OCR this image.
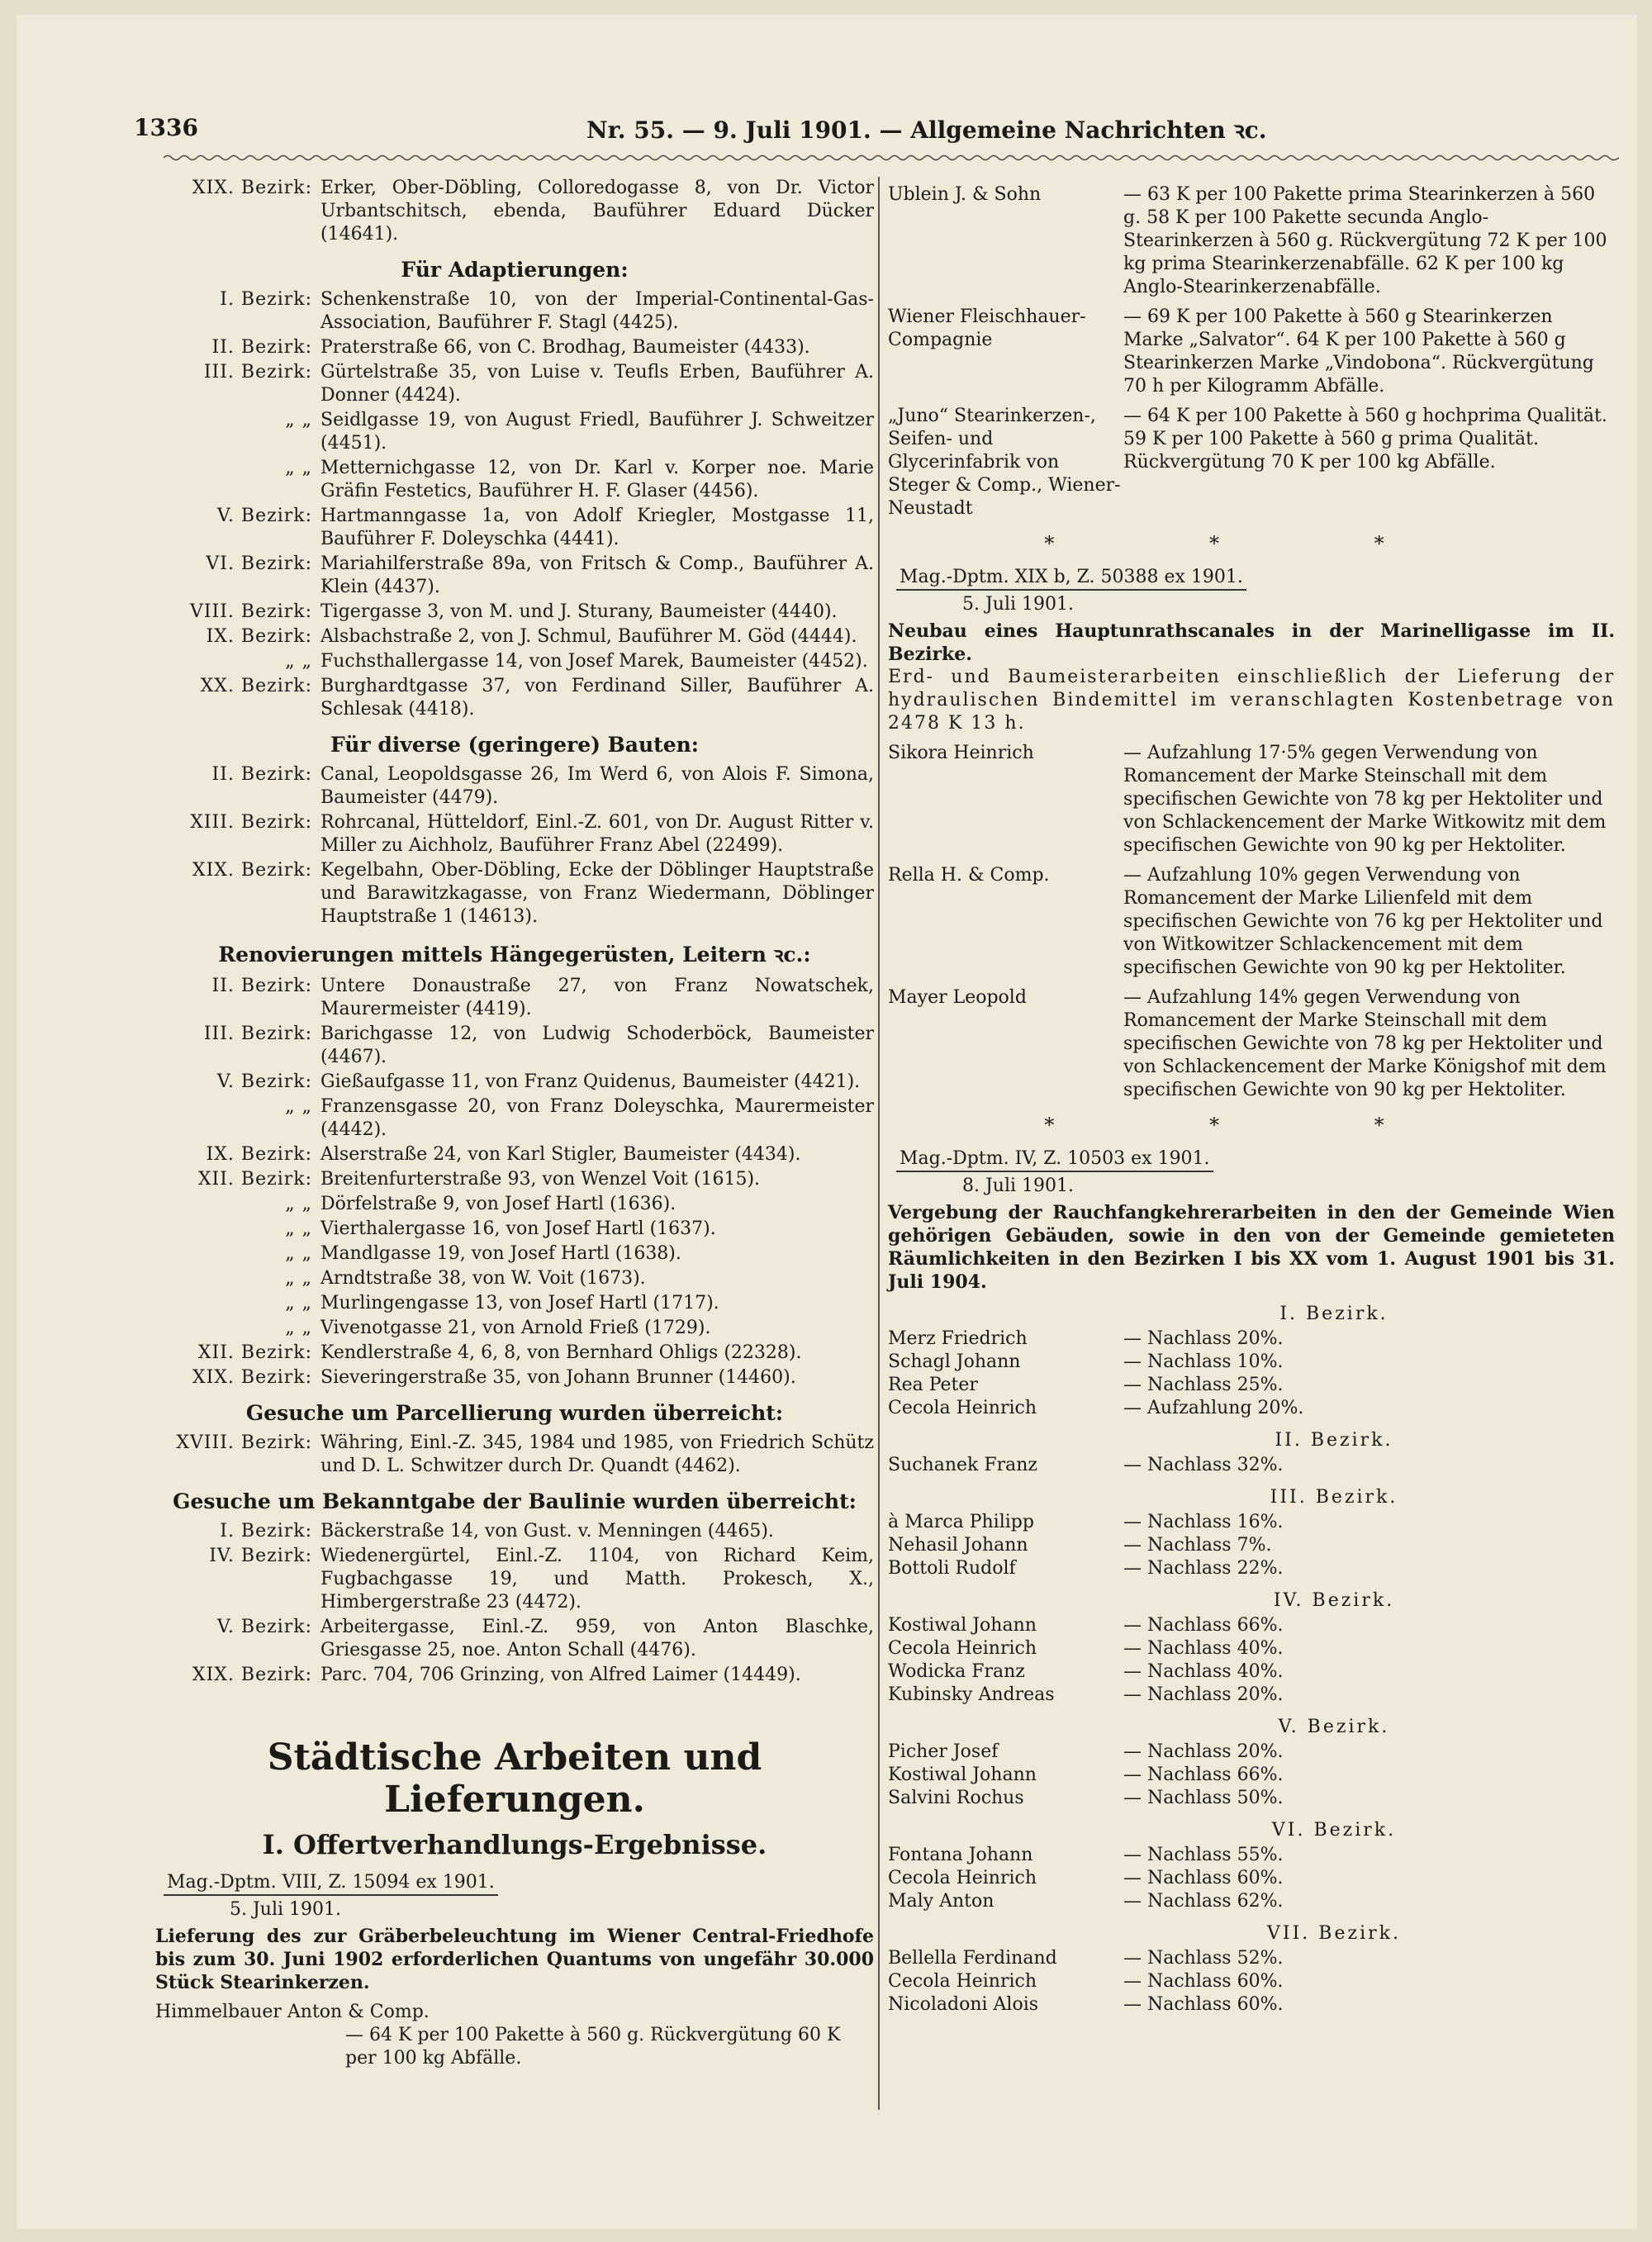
1336	Nr. 55. — 9. Juli 1901. — Allgemeine Nachrichten ꝛc.
XIX. Bezirk: Erker, Ober-Döbling, Colloredogasse 8, von Dr. Victor Urbantschitsch, ebenda, Bauführer Eduard Dücker (14641).
Für Adaptierungen:
I. Bezirk: Schenkenstraße 10, von der Imperial-Continental-Gas-Association, Bauführer F. Stagl (4425).
II. Bezirk: Praterstraße 66, von C. Brodhag, Baumeister (4433).
III. Bezirk: Gürtelstraße 35, von Luise v. Teufls Erben, Bauführer A. Donner (4424).
„ „ Seidlgasse 19, von August Friedl, Bauführer J. Schweitzer (4451).
„ „ Metternichgasse 12, von Dr. Karl v. Korper noe. Marie Gräfin Festetics, Bauführer H. F. Glaser (4456).
V. Bezirk: Hartmanngasse 1a, von Adolf Kriegler, Mostgasse 11, Bauführer F. Doleyschka (4441).
VI. Bezirk: Mariahilferstraße 89a, von Fritsch & Comp., Bauführer A. Klein (4437).
VIII. Bezirk: Tigergasse 3, von M. und J. Sturany, Baumeister (4440).
IX. Bezirk: Alsbachstraße 2, von J. Schmul, Bauführer M. Göd (4444).
„ „ Fuchsthallergasse 14, von Josef Marek, Baumeister (4452).
XX. Bezirk: Burghardtgasse 37, von Ferdinand Siller, Bauführer A. Schlesak (4418).
Für diverse (geringere) Bauten:
II. Bezirk: Canal, Leopoldsgasse 26, Im Werd 6, von Alois F. Simona, Baumeister (4479).
XIII. Bezirk: Rohrcanal, Hütteldorf, Einl.-Z. 601, von Dr. August Ritter v. Miller zu Aichholz, Bauführer Franz Abel (22499).
XIX. Bezirk: Kegelbahn, Ober-Döbling, Ecke der Döblinger Hauptstraße und Barawitzkagasse, von Franz Wiedermann, Döblinger Hauptstraße 1 (14613).
Renovierungen mittels Hängegerüsten, Leitern ꝛc.:
II. Bezirk: Untere Donaustraße 27, von Franz Nowatschek, Maurermeister (4419).
III. Bezirk: Barichgasse 12, von Ludwig Schoderböck, Baumeister (4467).
V. Bezirk: Gießaufgasse 11, von Franz Quidenus, Baumeister (4421).
„ „ Franzensgasse 20, von Franz Doleyschka, Maurermeister (4442).
IX. Bezirk: Alserstraße 24, von Karl Stigler, Baumeister (4434).
XII. Bezirk: Breitenfurterstraße 93, von Wenzel Voit (1615).
„ „ Dörfelstraße 9, von Josef Hartl (1636).
„ „ Vierthalergasse 16, von Josef Hartl (1637).
„ „ Mandlgasse 19, von Josef Hartl (1638).
„ „ Arndtstraße 38, von W. Voit (1673).
„ „ Murlingengasse 13, von Josef Hartl (1717).
„ „ Vivenotgasse 21, von Arnold Frieß (1729).
XII. Bezirk: Kendlerstraße 4, 6, 8, von Bernhard Ohligs (22328).
XIX. Bezirk: Sieveringerstraße 35, von Johann Brunner (14460).
Gesuche um Parcellierung wurden überreicht:
XVIII. Bezirk: Währing, Einl.-Z. 345, 1984 und 1985, von Friedrich Schütz und D. L. Schwitzer durch Dr. Quandt (4462).
Gesuche um Bekanntgabe der Baulinie wurden überreicht:
I. Bezirk: Bäckerstraße 14, von Gust. v. Menningen (4465).
IV. Bezirk: Wiedenergürtel, Einl.-Z. 1104, von Richard Keim, Fugbachgasse 19, und Matth. Prokesch, X., Himbergerstraße 23 (4472).
V. Bezirk: Arbeitergasse, Einl.-Z. 959, von Anton Blaschke, Griesgasse 25, noe. Anton Schall (4476).
XIX. Bezirk: Parc. 704, 706 Grinzing, von Alfred Laimer (14449).
Städtische Arbeiten und Lieferungen.
I. Offertverhandlungs-Ergebnisse.
Mag.-Dptm. VIII, Z. 15094 ex 1901.
5. Juli 1901.
Lieferung des zur Gräberbeleuchtung im Wiener Central-Friedhofe bis zum 30. Juni 1902 erforderlichen Quantums von ungefähr 30.000 Stück Stearinkerzen.
Himmelbauer Anton & Comp.
— 64 K per 100 Pakette à 560 g. Rückvergütung 60 K per 100 kg Abfälle.
Ublein J. & Sohn	— 63 K per 100 Pakette prima Stearinkerzen à 560 g. 58 K per 100 Pakette secunda Anglo-Stearinkerzen à 560 g. Rückvergütung 72 K per 100 kg prima Stearinkerzenabfälle. 62 K per 100 kg Anglo-Stearinkerzenabfälle.
Wiener Fleischhauer-Compagnie
— 69 K per 100 Pakette à 560 g Stearinkerzen Marke „Salvator“. 64 K per 100 Pakette à 560 g Stearinkerzen Marke „Vindobona“. Rückvergütung 70 h per Kilogramm Abfälle.
„Juno“ Stearinkerzen-, Seifen- und Glycerinfabrik von Steger & Comp., Wiener-Neustadt
— 64 K per 100 Pakette à 560 g hochprima Qualität. 59 K per 100 Pakette à 560 g prima Qualität. Rückvergütung 70 K per 100 kg Abfälle.
* * *
Mag.-Dptm. XIX b, Z. 50388 ex 1901.
5. Juli 1901.
Neubau eines Hauptunrathscanales in der Marinelligasse im II. Bezirke.
Erd- und Baumeisterarbeiten einschließlich der Lieferung der hydraulischen Bindemittel im veranschlagten Kostenbetrage von 2478 K 13 h.
Sikora Heinrich	— Aufzahlung 17·5% gegen Verwendung von Romancement der Marke Steinschall mit dem specifischen Gewichte von 78 kg per Hektoliter und von Schlackencement der Marke Witkowitz mit dem specifischen Gewichte von 90 kg per Hektoliter.
Rella H. & Comp.	— Aufzahlung 10% gegen Verwendung von Romancement der Marke Lilienfeld mit dem specifischen Gewichte von 76 kg per Hektoliter und von Witkowitzer Schlackencement mit dem specifischen Gewichte von 90 kg per Hektoliter.
Mayer Leopold	— Aufzahlung 14% gegen Verwendung von Romancement der Marke Steinschall mit dem specifischen Gewichte von 78 kg per Hektoliter und von Schlackencement der Marke Königshof mit dem specifischen Gewichte von 90 kg per Hektoliter.
* * *
Mag.-Dptm. IV, Z. 10503 ex 1901.
8. Juli 1901.
Vergebung der Rauchfangkehrerarbeiten in den der Gemeinde Wien gehörigen Gebäuden, sowie in den von der Gemeinde gemieteten Räumlichkeiten in den Bezirken I bis XX vom 1. August 1901 bis 31. Juli 1904.
I. Bezirk.
Merz Friedrich	— Nachlass 20%.
Schagl Johann	— Nachlass 10%.
Rea Peter	— Nachlass 25%.
Cecola Heinrich	— Aufzahlung 20%.
II. Bezirk.
Suchanek Franz	— Nachlass 32%.
III. Bezirk.
à Marca Philipp	— Nachlass 16%.
Nehasil Johann	— Nachlass 7%.
Bottoli Rudolf	— Nachlass 22%.
IV. Bezirk.
Kostiwal Johann	— Nachlass 66%.
Cecola Heinrich	— Nachlass 40%.
Wodicka Franz	— Nachlass 40%.
Kubinsky Andreas	— Nachlass 20%.
V. Bezirk.
Picher Josef	— Nachlass 20%.
Kostiwal Johann	— Nachlass 66%.
Salvini Rochus	— Nachlass 50%.
VI. Bezirk.
Fontana Johann	— Nachlass 55%.
Cecola Heinrich	— Nachlass 60%.
Maly Anton	— Nachlass 62%.
VII. Bezirk.
Bellella Ferdinand	— Nachlass 52%.
Cecola Heinrich	— Nachlass 60%.
Nicoladoni Alois	— Nachlass 60%.
